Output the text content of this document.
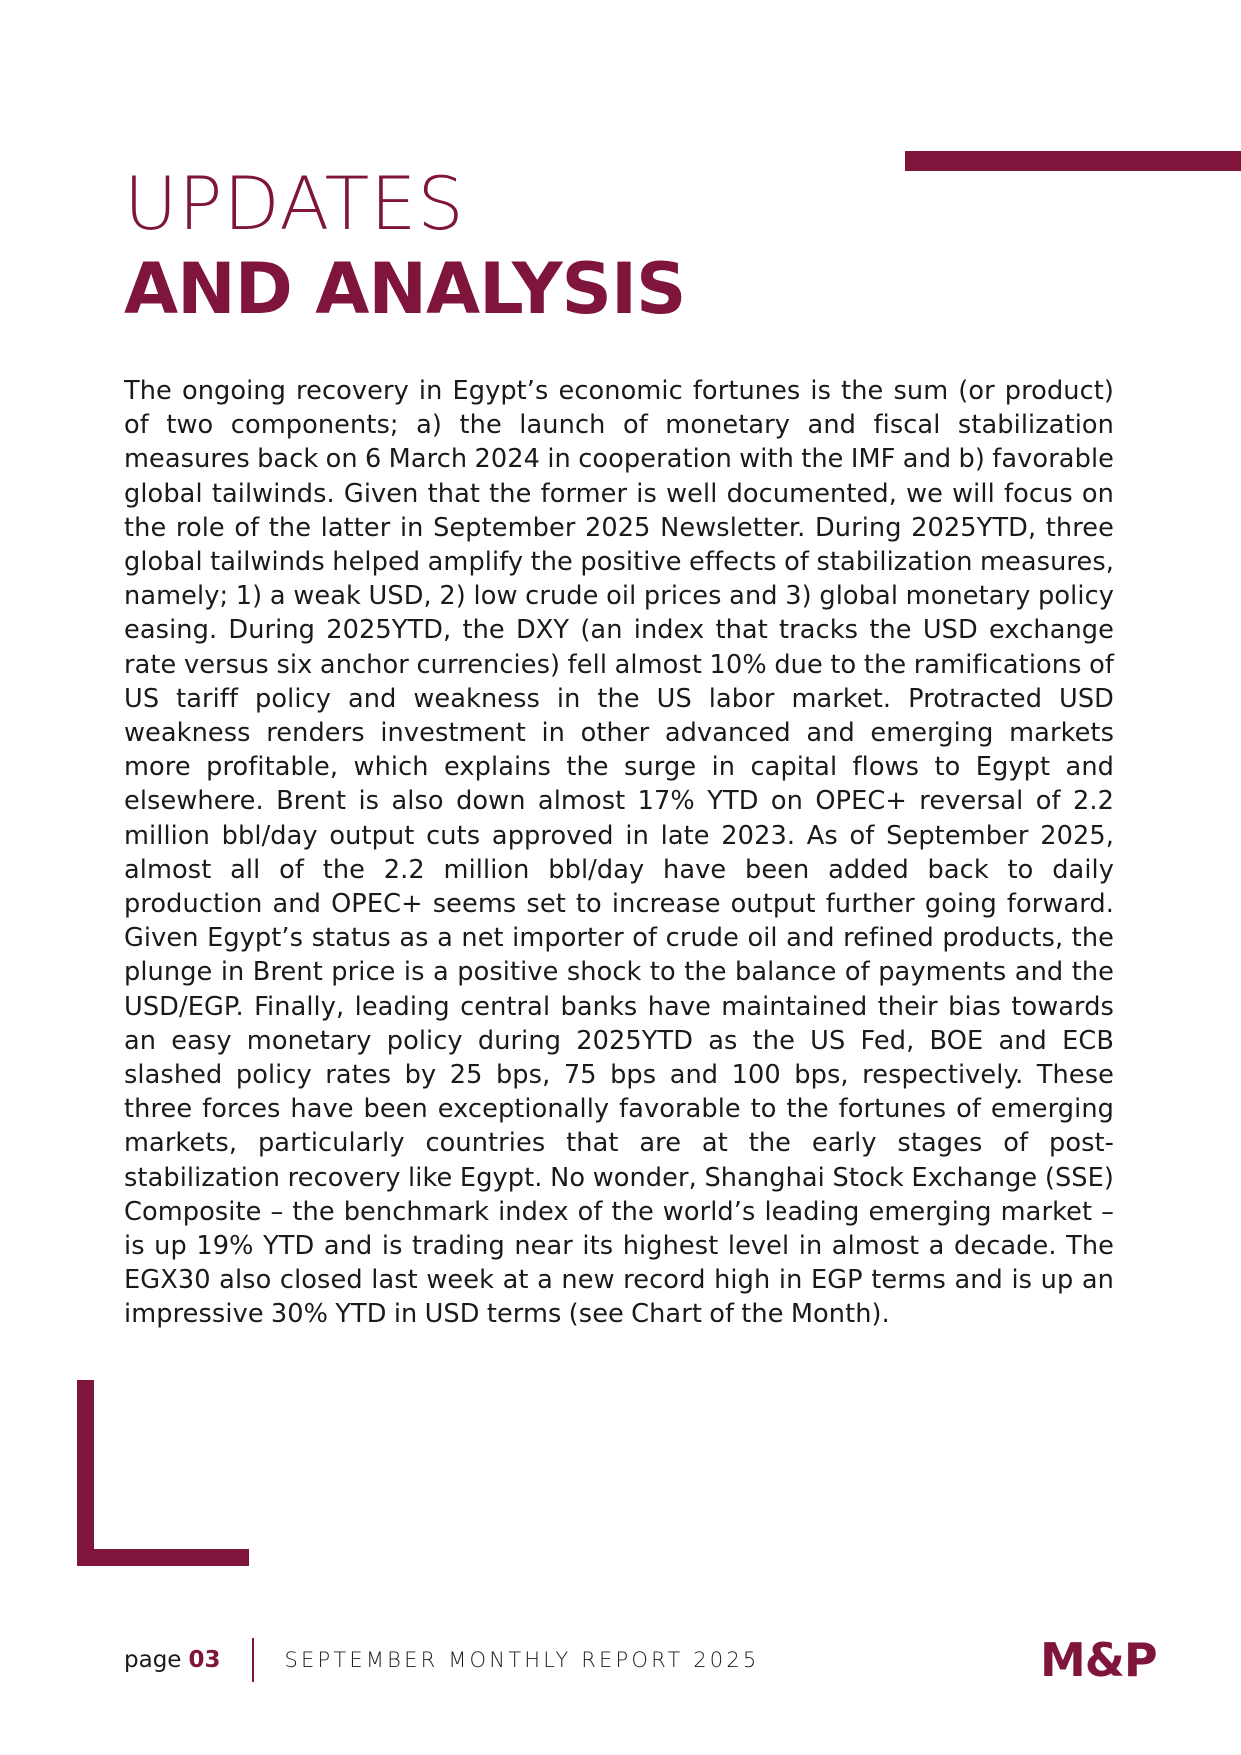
UPDATES
AND ANALYSIS

The ongoing recovery in Egypt’s economic fortunes is the sum (or product) of two components; a) the launch of monetary and fiscal stabilization measures back on 6 March 2024 in cooperation with the IMF and b) favorable global tailwinds. Given that the former is well documented, we will focus on the role of the latter in September 2025 Newsletter. During 2025YTD, three global tailwinds helped amplify the positive effects of stabilization measures, namely; 1) a weak USD, 2) low crude oil prices and 3) global monetary policy easing. During 2025YTD, the DXY (an index that tracks the USD exchange rate versus six anchor currencies) fell almost 10% due to the ramifications of US tariff policy and weakness in the US labor market. Protracted USD weakness renders investment in other advanced and emerging markets more profitable, which explains the surge in capital flows to Egypt and elsewhere. Brent is also down almost 17% YTD on OPEC+ reversal of 2.2 million bbl/day output cuts approved in late 2023. As of September 2025, almost all of the 2.2 million bbl/day have been added back to daily production and OPEC+ seems set to increase output further going forward. Given Egypt’s status as a net importer of crude oil and refined products, the plunge in Brent price is a positive shock to the balance of payments and the USD/EGP. Finally, leading central banks have maintained their bias towards an easy monetary policy during 2025YTD as the US Fed, BOE and ECB slashed policy rates by 25 bps, 75 bps and 100 bps, respectively. These three forces have been exceptionally favorable to the fortunes of emerging markets, particularly countries that are at the early stages of post-stabilization recovery like Egypt. No wonder, Shanghai Stock Exchange (SSE) Composite – the benchmark index of the world’s leading emerging market – is up 19% YTD and is trading near its highest level in almost a decade. The EGX30 also closed last week at a new record high in EGP terms and is up an impressive 30% YTD in USD terms (see Chart of the Month).

page 03	SEPTEMBER MONTHLY REPORT 2025	M&P
